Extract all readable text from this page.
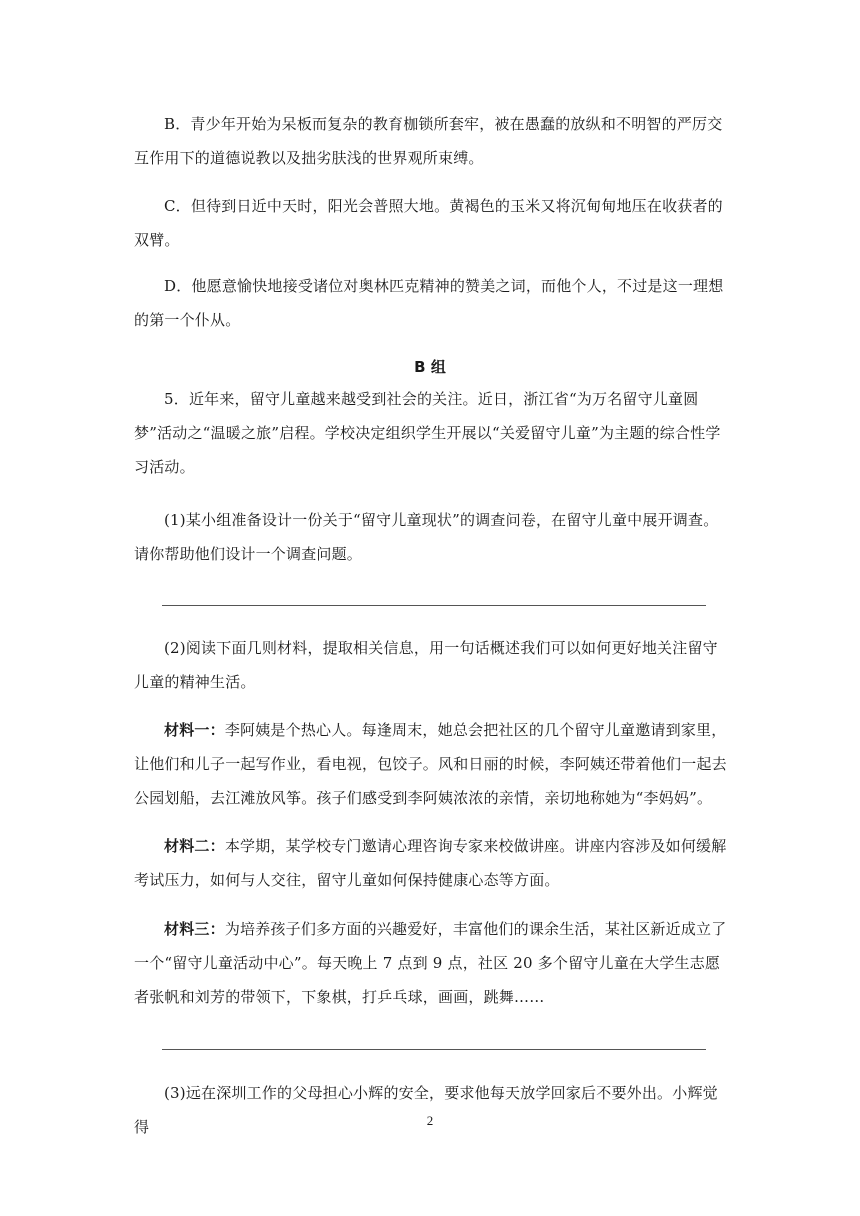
B．青少年开始为呆板而复杂的教育枷锁所套牢，被在愚蠢的放纵和不明智的严厉交互作用下的道德说教以及拙劣肤浅的世界观所束缚。

C．但待到日近中天时，阳光会普照大地。黄褐色的玉米又将沉甸甸地压在收获者的双臂。

D．他愿意愉快地接受诸位对奥林匹克精神的赞美之词，而他个人，不过是这一理想的第一个仆从。

B 组

5．近年来，留守儿童越来越受到社会的关注。近日，浙江省“为万名留守儿童圆梦”活动之“温暖之旅”启程。学校决定组织学生开展以“关爱留守儿童”为主题的综合性学习活动。

(1)某小组准备设计一份关于“留守儿童现状”的调查问卷，在留守儿童中展开调查。请你帮助他们设计一个调查问题。

(2)阅读下面几则材料，提取相关信息，用一句话概述我们可以如何更好地关注留守儿童的精神生活。

材料一：李阿姨是个热心人。每逢周末，她总会把社区的几个留守儿童邀请到家里，让他们和儿子一起写作业，看电视，包饺子。风和日丽的时候，李阿姨还带着他们一起去公园划船，去江滩放风筝。孩子们感受到李阿姨浓浓的亲情，亲切地称她为“李妈妈”。

材料二：本学期，某学校专门邀请心理咨询专家来校做讲座。讲座内容涉及如何缓解考试压力，如何与人交往，留守儿童如何保持健康心态等方面。

材料三：为培养孩子们多方面的兴趣爱好，丰富他们的课余生活，某社区新近成立了一个“留守儿童活动中心”。每天晚上 7 点到 9 点，社区 20 多个留守儿童在大学生志愿者张帆和刘芳的带领下，下象棋，打乒乓球，画画，跳舞……

(3)远在深圳工作的父母担心小辉的安全，要求他每天放学回家后不要外出。小辉觉得	2
